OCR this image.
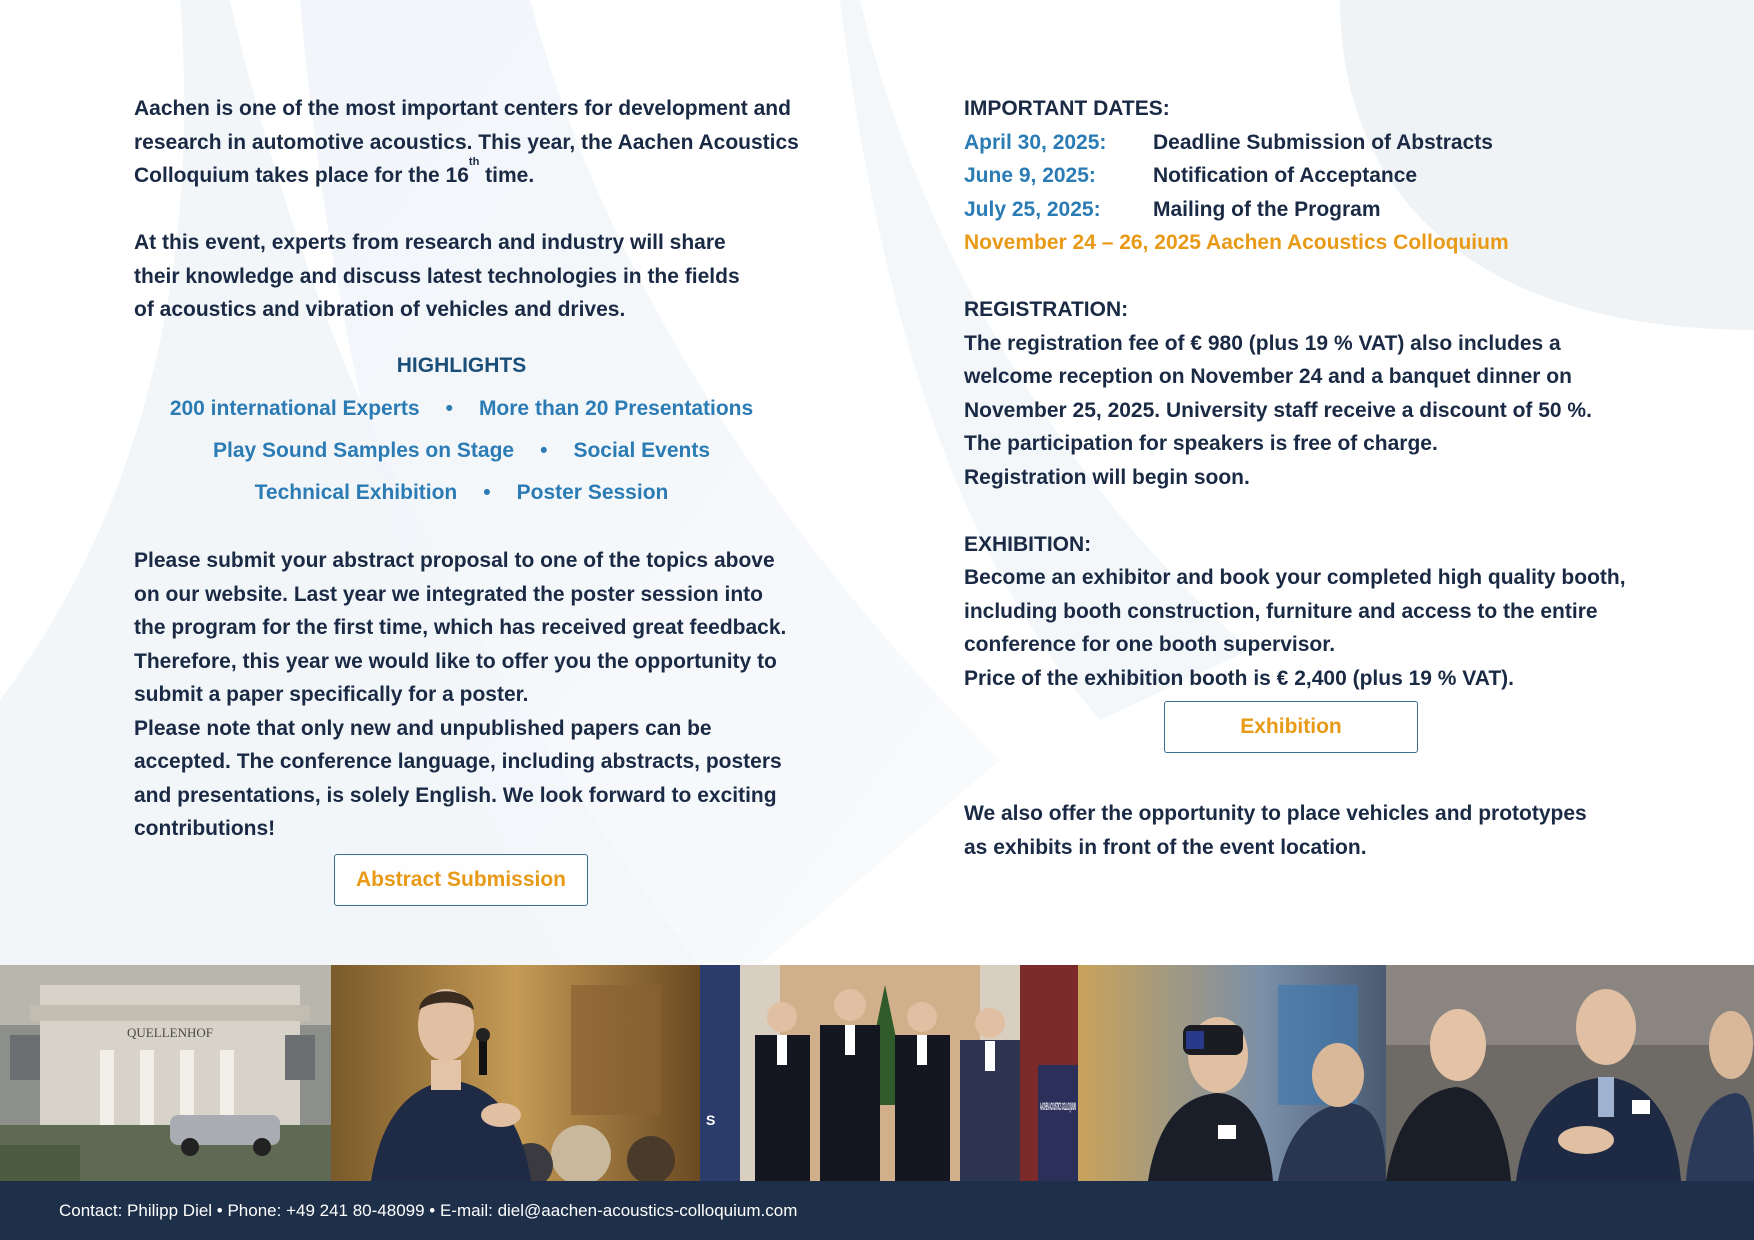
Aachen is one of the most important centers for development and research in automotive acoustics. This year, the Aachen Acoustics Colloquium takes place for the 16th time.

At this event, experts from research and industry will share their knowledge and discuss latest technologies in the fields of acoustics and vibration of vehicles and drives.

HIGHLIGHTS
200 international Experts • More than 20 Presentations
Play Sound Samples on Stage • Social Events
Technical Exhibition • Poster Session

Please submit your abstract proposal to one of the topics above on our website. Last year we integrated the poster session into the program for the first time, which has received great feedback. Therefore, this year we would like to offer you the opportunity to submit a paper specifically for a poster.

Please note that only new and unpublished papers can be accepted. The conference language, including abstracts, posters and presentations, is solely English. We look forward to exciting contributions!

Abstract Submission

IMPORTANT DATES:

April 30, 2025:	Deadline Submission of Abstracts
June 9, 2025:	Notification of Acceptance
July 25, 2025:	Mailing of the Program

November 24 – 26, 2025 Aachen Acoustics Colloquium

REGISTRATION:

The registration fee of € 980 (plus 19 % VAT) also includes a welcome reception on November 24 and a banquet dinner on November 25, 2025. University staff receive a discount of 50 %.

The participation for speakers is free of charge.

Registration will begin soon.

EXHIBITION:

Become an exhibitor and book your completed high quality booth, including booth construction, furniture and access to the entire conference for one booth supervisor.

Price of the exhibition booth is € 2,400 (plus 19 % VAT).

Exhibition

We also offer the opportunity to place vehicles and prototypes as exhibits in front of the event location.

QUELLENHOF
S
AACHEN ACOUSTICS COLLOQUIUM
Contact: Philipp Diel • Phone: +49 241 80-48099 • E-mail: diel@aachen-acoustics-colloquium.com
